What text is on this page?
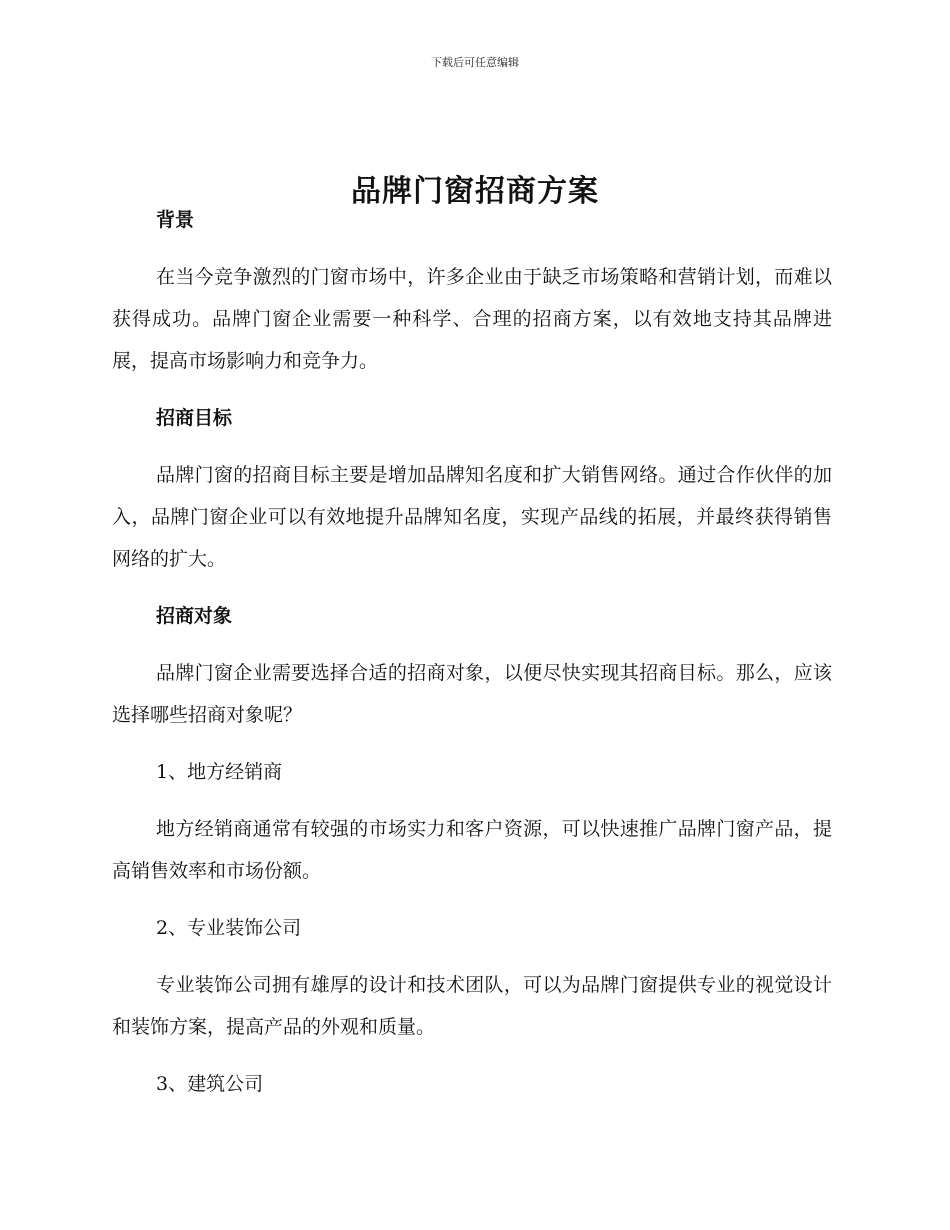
下载后可任意编辑
品牌门窗招商方案
背景

在当今竞争激烈的门窗市场中，许多企业由于缺乏市场策略和营销计划，而难以获得成功。品牌门窗企业需要一种科学、合理的招商方案，以有效地支持其品牌进展，提高市场影响力和竞争力。

招商目标

品牌门窗的招商目标主要是增加品牌知名度和扩大销售网络。通过合作伙伴的加入，品牌门窗企业可以有效地提升品牌知名度，实现产品线的拓展，并最终获得销售网络的扩大。

招商对象

品牌门窗企业需要选择合适的招商对象，以便尽快实现其招商目标。那么，应该选择哪些招商对象呢？

1、地方经销商

地方经销商通常有较强的市场实力和客户资源，可以快速推广品牌门窗产品，提高销售效率和市场份额。

2、专业装饰公司

专业装饰公司拥有雄厚的设计和技术团队，可以为品牌门窗提供专业的视觉设计和装饰方案，提高产品的外观和质量。

3、建筑公司
